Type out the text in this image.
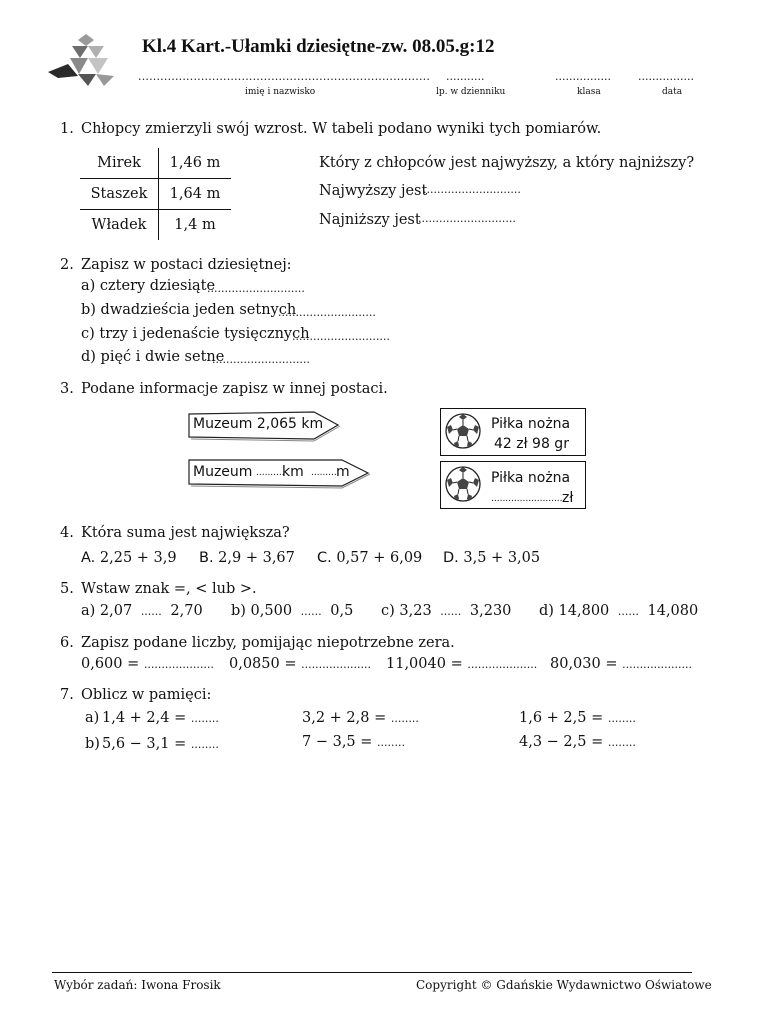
Kl.4 Kart.-Ułamki dziesiętne-zw. 08.05.g:12
...............................................................................
imię i nazwisko
...........
lp. w dzienniku
................
klasa
................
data
1. Chłopcy zmierzyli swój wzrost. W tabeli podano wyniki tych pomiarów.
Mirek	1,46 m
Staszek	1,64 m
Władek	1,4 m
Który z chłopców jest najwyższy, a który najniższy?
Najwyższy jest
............................
Najniższy jest
............................
2. Zapisz w postaci dziesiętnej:
a) cztery dziesiąte
............................
b) dwadzieścia jeden setnych
............................
c) trzy i jedenaście tysięcznych
............................
d) pięć i dwie setne
............................
3. Podane informacje zapisz w innej postaci.
Muzeum 2,065 km
Muzeum ..........
km ..........
m
Piłka nożna
42 zł 98 gr
Piłka nożna
......................... zł
4. Która suma jest największa?
A. 2,25 + 3,9 B. 2,9 + 3,67 C. 0,57 + 6,09 D. 3,5 + 3,05
5. Wstaw znak =, < lub >.
a) 2,07 ...... 2,70 b) 0,500 ...... 0,5 c) 3,23 ...... 3,230 d) 14,800 ...... 14,080
6. Zapisz podane liczby, pomijając niepotrzebne zera.
0,600 = .................... 0,0850 = .................... 11,0040 = .................... 80,030 = ....................
7. Oblicz w pamięci:
a) 1,4 + 2,4 = ........	3,2 + 2,8 = ........	1,6 + 2,5 = ........
b) 5,6 − 3,1 = ........	7 − 3,5 = ........	4,3 − 2,5 = ........
Wybór zadań: Iwona Frosik	Copyright © Gdańskie Wydawnictwo Oświatowe
